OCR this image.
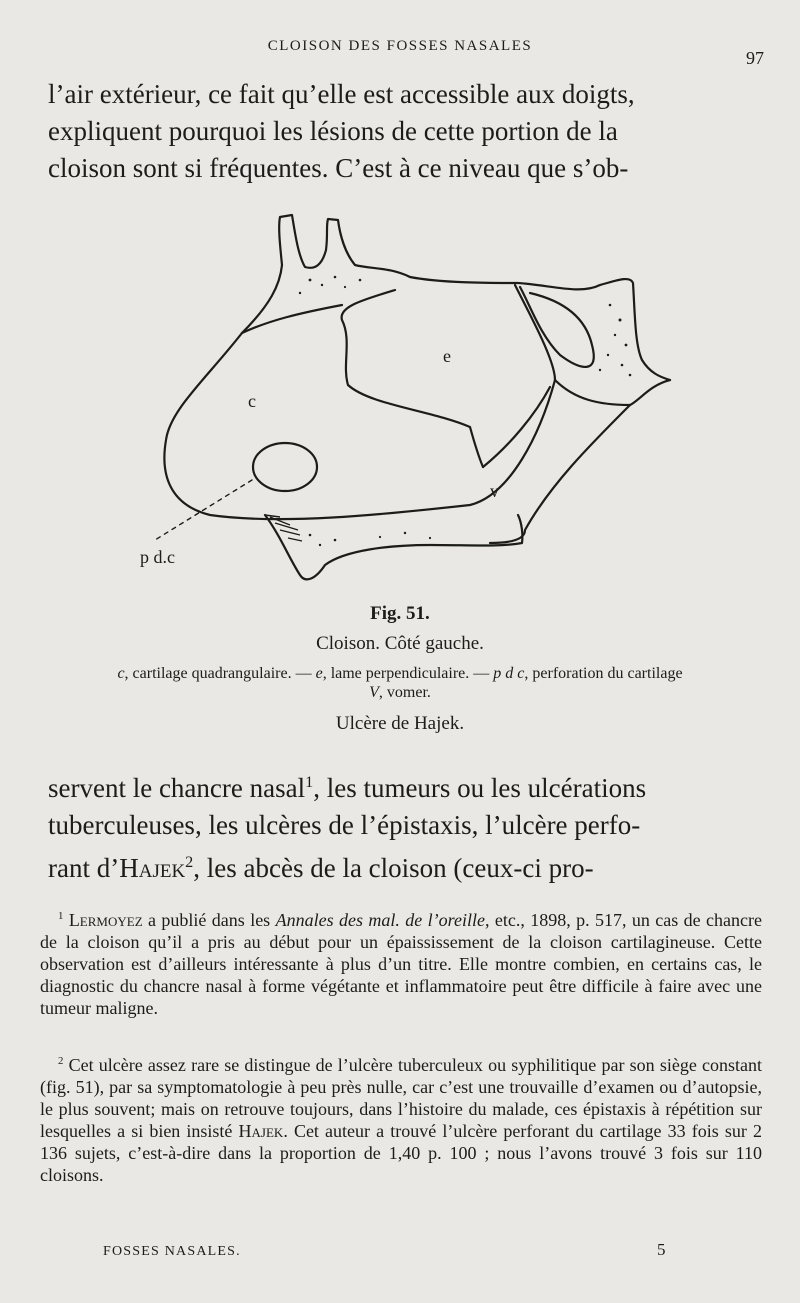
CLOISON DES FOSSES NASALES
97
l’air extérieur, ce fait qu’elle est accessible aux doigts,
expliquent pourquoi les lésions de cette portion de la
cloison sont si fréquentes. C’est à ce niveau que s’ob-
c
e
v
p d.c
Fig. 51.
Cloison. Côté gauche.
c, cartilage quadrangulaire. — e, lame perpendiculaire. — p d c, perforation du cartilage
V, vomer.
Ulcère de Hajek.
servent le chancre nasal$^1$, les tumeurs ou les ulcérations
tuberculeuses, les ulcères de l’épistaxis, l’ulcère perfo-
rant d’Hajek$^2$, les abcès de la cloison (ceux-ci pro-

$^1$ Lermoyez a publié dans les Annales des mal. de l’oreille, etc., 1898, p. 517, un cas de chancre de la cloison qu’il a pris au début pour un épaississement de la cloison cartilagineuse. Cette observation est d’ailleurs intéressante à plus d’un titre. Elle montre combien, en certains cas, le diagnostic du chancre nasal à forme végétante et inflammatoire peut être difficile à faire avec une tumeur maligne.

$^2$ Cet ulcère assez rare se distingue de l’ulcère tuberculeux ou syphilitique par son siège constant (fig. 51), par sa symptomatologie à peu près nulle, car c’est une trouvaille d’examen ou d’autopsie, le plus souvent; mais on retrouve toujours, dans l’histoire du malade, ces épistaxis à répétition sur lesquelles a si bien insisté Hajek. Cet auteur a trouvé l’ulcère perforant du cartilage 33 fois sur 2 136 sujets, c’est-à-dire dans la proportion de 1,40 p. 100 ; nous l’avons trouvé 3 fois sur 110 cloisons.

FOSSES NASALES.	5
